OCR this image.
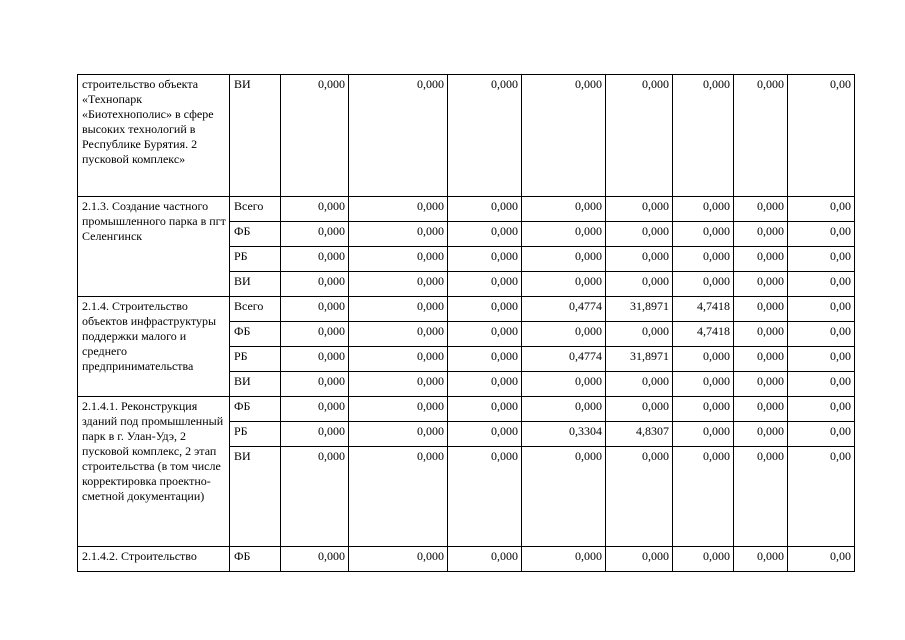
строительство объекта «Технопарк «Биотехнополис» в сфере высоких технологий в Республике Бурятия. 2 пусковой комплекс»	ВИ	0,000	0,000	0,000	0,000	0,000	0,000	0,000	0,00
2.1.3. Создание частного промышленного парка в пгт Селенгинск	Всего	0,000	0,000	0,000	0,000	0,000	0,000	0,000	0,00
	ФБ	0,000	0,000	0,000	0,000	0,000	0,000	0,000	0,00
	РБ	0,000	0,000	0,000	0,000	0,000	0,000	0,000	0,00
	ВИ	0,000	0,000	0,000	0,000	0,000	0,000	0,000	0,00
2.1.4. Строительство объектов инфраструктуры поддержки малого и среднего предпринимательства	Всего	0,000	0,000	0,000	0,4774	31,8971	4,7418	0,000	0,00
	ФБ	0,000	0,000	0,000	0,000	0,000	4,7418	0,000	0,00
	РБ	0,000	0,000	0,000	0,4774	31,8971	0,000	0,000	0,00
	ВИ	0,000	0,000	0,000	0,000	0,000	0,000	0,000	0,00
2.1.4.1. Реконструкция зданий под промышленный парк в г. Улан-Удэ, 2 пусковой комплекс, 2 этап строительства (в том числе корректировка проектно-сметной документации)	ФБ	0,000	0,000	0,000	0,000	0,000	0,000	0,000	0,00
	РБ	0,000	0,000	0,000	0,3304	4,8307	0,000	0,000	0,00
	ВИ	0,000	0,000	0,000	0,000	0,000	0,000	0,000	0,00
2.1.4.2. Строительство	ФБ	0,000	0,000	0,000	0,000	0,000	0,000	0,000	0,00
